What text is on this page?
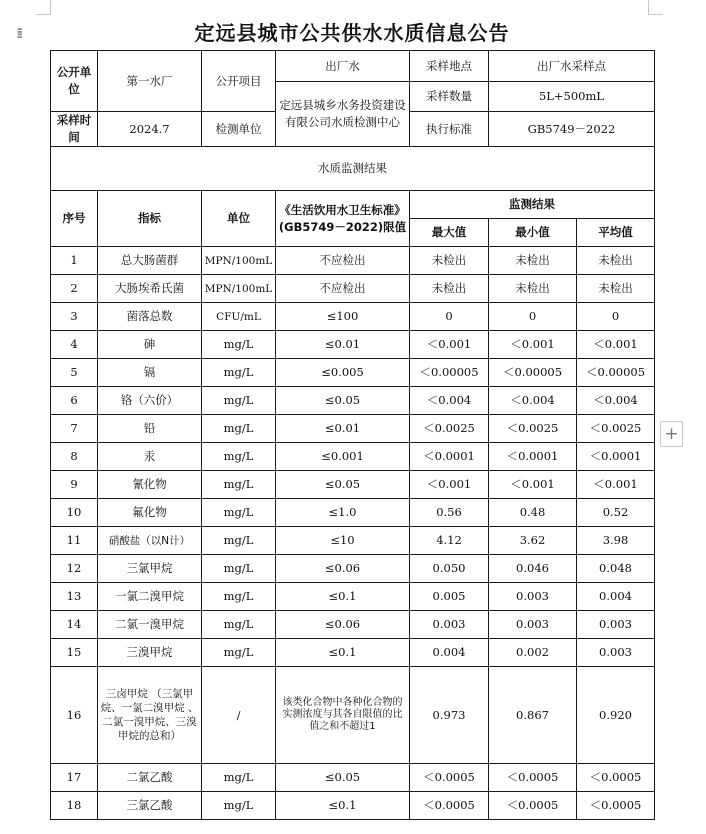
⁞⁞⁞
+
定远县城市公共供水水质信息公告
公开单位	第一水厂	公开项目	出厂水	采样地点	出厂水采样点	
			定远县城乡水务投资建设有限公司水质检测中心	采样数量	5L+500mL	
采样时间	2024.7	检测单位		执行标准	GB5749－2022	

水质监测结果						
序号	指标	单位	《生活饮用水卫生标准》(GB5749－2022)限值	监测结果		
				最大值	最小值	平均值
1	总大肠菌群	MPN/100mL	不应检出	未检出	未检出	未检出
2	大肠埃希氏菌	MPN/100mL	不应检出	未检出	未检出	未检出
3	菌落总数	CFU/mL	≤100	0	0	0
4	砷	mg/L	≤0.01	＜0.001	＜0.001	＜0.001
5	镉	mg/L	≤0.005	＜0.00005	＜0.00005	＜0.00005
6	铬（六价）	mg/L	≤0.05	＜0.004	＜0.004	＜0.004
7	铅	mg/L	≤0.01	＜0.0025	＜0.0025	＜0.0025
8	汞	mg/L	≤0.001	＜0.0001	＜0.0001	＜0.0001
9	氰化物	mg/L	≤0.05	＜0.001	＜0.001	＜0.001
10	氟化物	mg/L	≤1.0	0.56	0.48	0.52
11	硝酸盐（以N计）	mg/L	≤10	4.12	3.62	3.98
12	三氯甲烷	mg/L	≤0.06	0.050	0.046	0.048
13	一氯二溴甲烷	mg/L	≤0.1	0.005	0.003	0.004
14	二氯一溴甲烷	mg/L	≤0.06	0.003	0.003	0.003
15	三溴甲烷	mg/L	≤0.1	0.004	0.002	0.003
16	三卤甲烷 （三氯甲烷、一氯二溴甲烷 、二氯一溴甲烷、三溴甲烷的总和）	/	该类化合物中各种化合物的实测浓度与其各自限值的比值之和不超过1	0.973	0.867	0.920
17	二氯乙酸	mg/L	≤0.05	＜0.0005	＜0.0005	＜0.0005
18	三氯乙酸	mg/L	≤0.1	＜0.0005	＜0.0005	＜0.0005
